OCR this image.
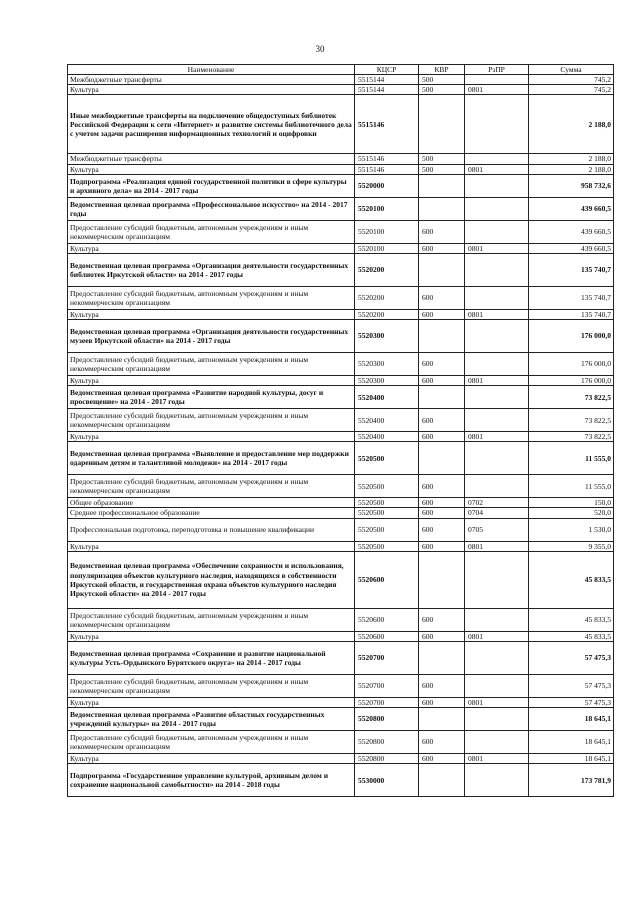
30
Наименование	КЦСР	КВР	РзПР	Сумма
Межбюджетные трансферты	5515144	500		745,2
Культура	5515144	500	0801	745,2
Иные межбюджетные трансферты на подключение общедоступных библиотек Российской Федерации к сети «Интернет» и развитие системы библиотечного дела с учетом задачи расширения информационных технологий и оцифровки	5515146			2 188,0
Межбюджетные трансферты	5515146	500		2 188,0
Культура	5515146	500	0801	2 188,0
Подпрограмма «Реализация единой государственной политики в сфере культуры и архивного дела» на 2014 - 2017 годы	5520000			958 732,6
Ведомственная целевая программа «Профессиональное искусство» на 2014 - 2017 годы	5520100			439 660,5
Предоставление субсидий бюджетным, автономным учреждениям и иным некоммерческим организациям	5520100	600		439 660,5
Культура	5520100	600	0801	439 660,5
Ведомственная целевая программа «Организация деятельности государственных библиотек Иркутской области» на 2014 - 2017 годы	5520200			135 740,7
Предоставление субсидий бюджетным, автономным учреждениям и иным некоммерческим организациям	5520200	600		135 740,7
Культура	5520200	600	0801	135 740,7
Ведомственная целевая программа «Организация деятельности государственных музеев Иркутской области» на 2014 - 2017 годы	5520300			176 000,0
Предоставление субсидий бюджетным, автономным учреждениям и иным некоммерческим организациям	5520300	600		176 000,0
Культура	5520300	600	0801	176 000,0
Ведомственная целевая программа «Развитие народной культуры, досуг и просвещение» на 2014 - 2017 годы	5520400			73 822,5
Предоставление субсидий бюджетным, автономным учреждениям и иным некоммерческим организациям	5520400	600		73 822,5
Культура	5520400	600	0801	73 822,5
Ведомственная целевая программа «Выявление и предоставление мер поддержки одаренным детям и талантливой молодежи» на 2014 - 2017 годы	5520500			11 555,0
Предоставление субсидий бюджетным, автономным учреждениям и иным некоммерческим организациям	5520500	600		11 555,0
Общее образование	5520500	600	0702	150,0
Среднее профессиональное образование	5520500	600	0704	520,0
Профессиональная подготовка, переподготовка и повышение квалификации	5520500	600	0705	1 530,0
Культура	5520500	600	0801	9 355,0
Ведомственная целевая программа «Обеспечение сохранности и использования, популяризация объектов культурного наследия, находящихся в собственности Иркутской области, и государственная охрана объектов культурного наследия Иркутской области» на 2014 - 2017 годы	5520600			45 833,5
Предоставление субсидий бюджетным, автономным учреждениям и иным некоммерческим организациям	5520600	600		45 833,5
Культура	5520600	600	0801	45 833,5
Ведомственная целевая программа «Сохранение и развитие национальной культуры Усть-Ордынского Бурятского округа» на 2014 - 2017 годы	5520700			57 475,3
Предоставление субсидий бюджетным, автономным учреждениям и иным некоммерческим организациям	5520700	600		57 475,3
Культура	5520700	600	0801	57 475,3
Ведомственная целевая программа «Развитие областных государственных учреждений культуры» на 2014 - 2017 годы	5520800			18 645,1
Предоставление субсидий бюджетным, автономным учреждениям и иным некоммерческим организациям	5520800	600		18 645,1
Культура	5520800	600	0801	18 645,1
Подпрограмма «Государственное управление культурой, архивным делом и сохранение национальной самобытности» на 2014 - 2018 годы	5530000			173 781,9
